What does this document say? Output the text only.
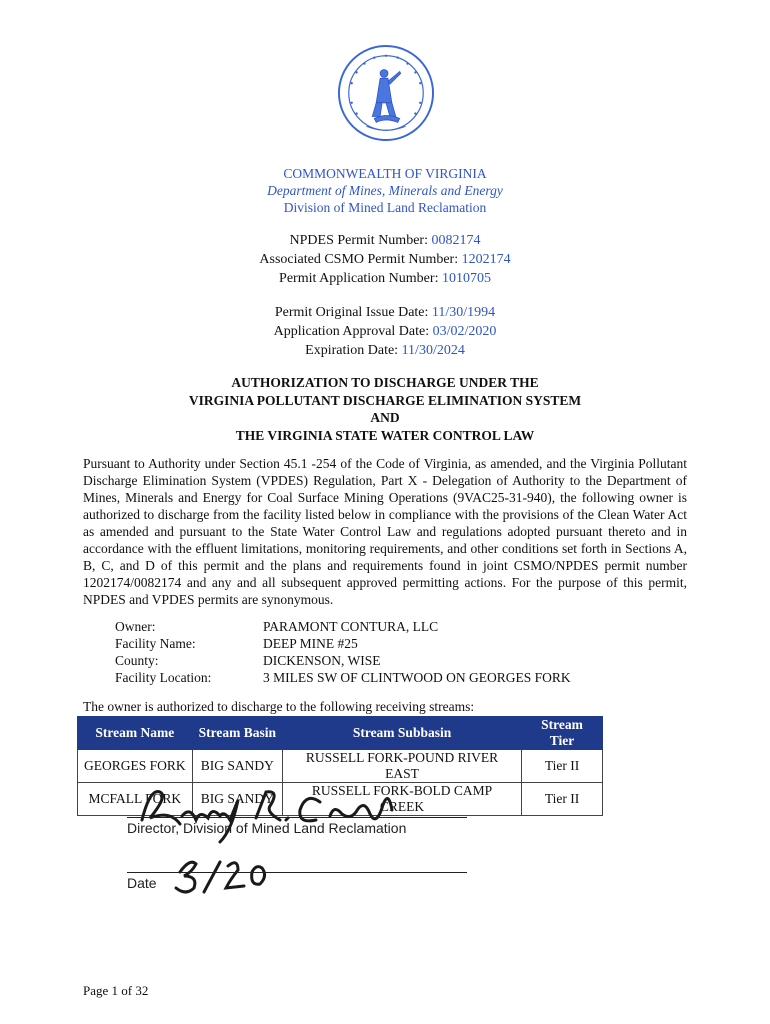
COMMONWEALTH OF VIRGINIA
Department of Mines, Minerals and Energy
Division of Mined Land Reclamation
NPDES Permit Number: 0082174
Associated CSMO Permit Number: 1202174
Permit Application Number: 1010705
Permit Original Issue Date: 11/30/1994
Application Approval Date: 03/02/2020
Expiration Date: 11/30/2024
AUTHORIZATION TO DISCHARGE UNDER THE
VIRGINIA POLLUTANT DISCHARGE ELIMINATION SYSTEM
AND
THE VIRGINIA STATE WATER CONTROL LAW
Pursuant to Authority under Section 45.1 -254 of the Code of Virginia, as amended, and the Virginia Pollutant Discharge Elimination System (VPDES) Regulation, Part X - Delegation of Authority to the Department of Mines, Minerals and Energy for Coal Surface Mining Operations (9VAC25-31-940), the following owner is authorized to discharge from the facility listed below in compliance with the provisions of the Clean Water Act as amended and pursuant to the State Water Control Law and regulations adopted pursuant thereto and in accordance with the effluent limitations, monitoring requirements, and other conditions set forth in Sections A, B, C, and D of this permit and the plans and requirements found in joint CSMO/NPDES permit number 1202174/0082174 and any and all subsequent approved permitting actions. For the purpose of this permit, NPDES and VPDES permits are synonymous.
Owner:	PARAMONT CONTURA, LLC
Facility Name:	DEEP MINE #25
County:	DICKENSON, WISE
Facility Location:	3 MILES SW OF CLINTWOOD ON GEORGES FORK
The owner is authorized to discharge to the following receiving streams:
Stream Name	Stream Basin	Stream Subbasin	Stream Tier
GEORGES FORK	BIG SANDY	RUSSELL FORK-POUND RIVER EAST	Tier II
MCFALL FORK	BIG SANDY	RUSSELL FORK-BOLD CAMP CREEK	Tier II
Director, Division of Mined Land Reclamation
Date
Page 1 of 32
